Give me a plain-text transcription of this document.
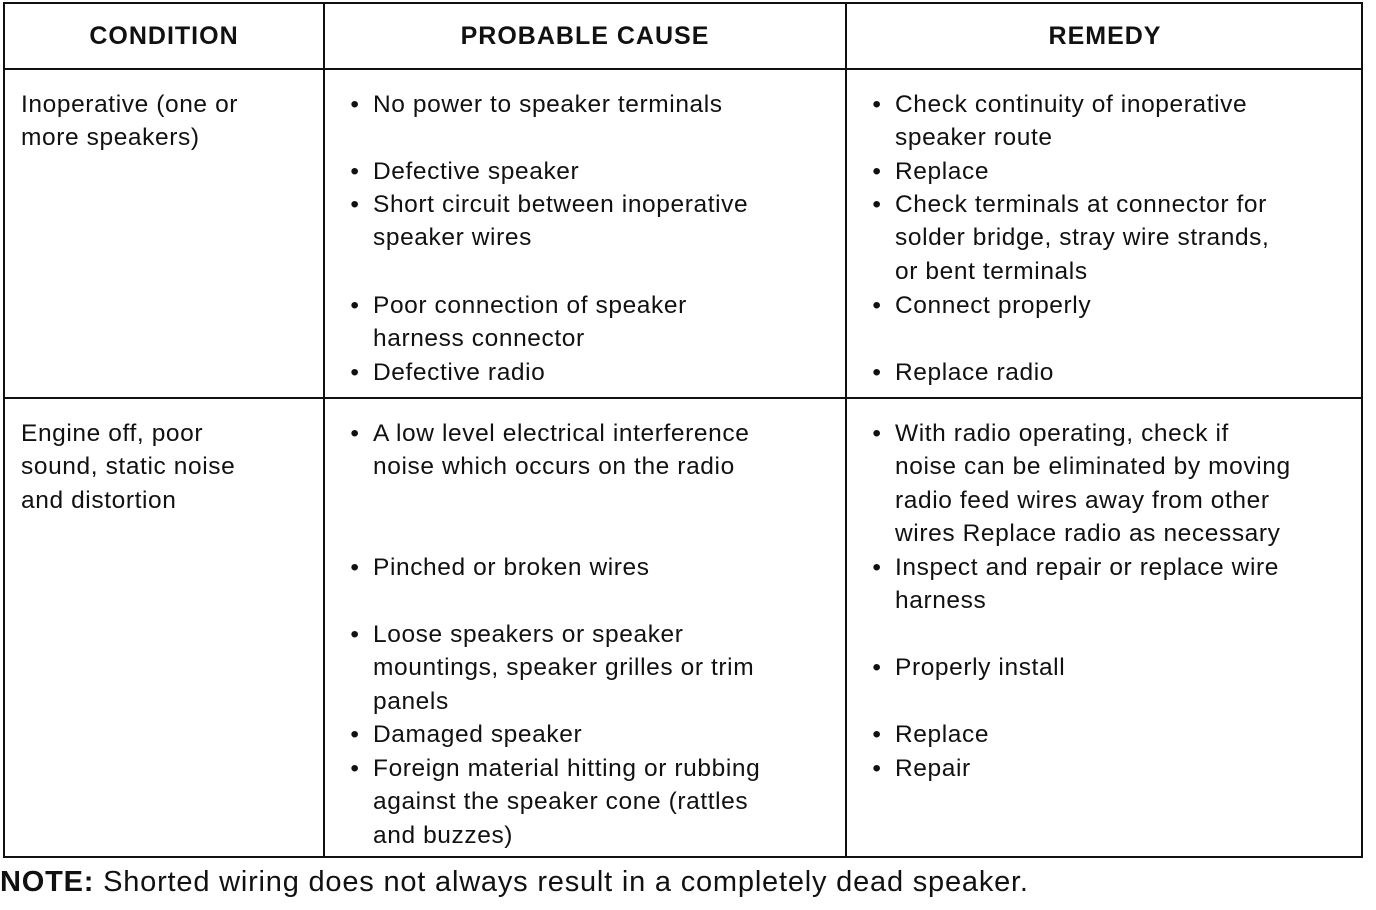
CONDITION	PROBABLE CAUSE	REMEDY
Inoperative (one or
more speakers)
• No power to speaker terminals
• Defective speaker
• Short circuit between inoperative
speaker wires
• Poor connection of speaker
harness connector
• Defective radio
• Check continuity of inoperative
speaker route
• Replace
• Check terminals at connector for
solder bridge, stray wire strands,
or bent terminals
• Connect properly
• Replace radio
Engine off, poor
sound, static noise
and distortion
• A low level electrical interference
noise which occurs on the radio
• Pinched or broken wires
• Loose speakers or speaker
mountings, speaker grilles or trim
panels
• Damaged speaker
• Foreign material hitting or rubbing
against the speaker cone (rattles
and buzzes)
• With radio operating, check if
noise can be eliminated by moving
radio feed wires away from other
wires Replace radio as necessary
• Inspect and repair or replace wire
harness
• Properly install
• Replace
• Repair
NOTE: Shorted wiring does not always result in a completely dead speaker.
